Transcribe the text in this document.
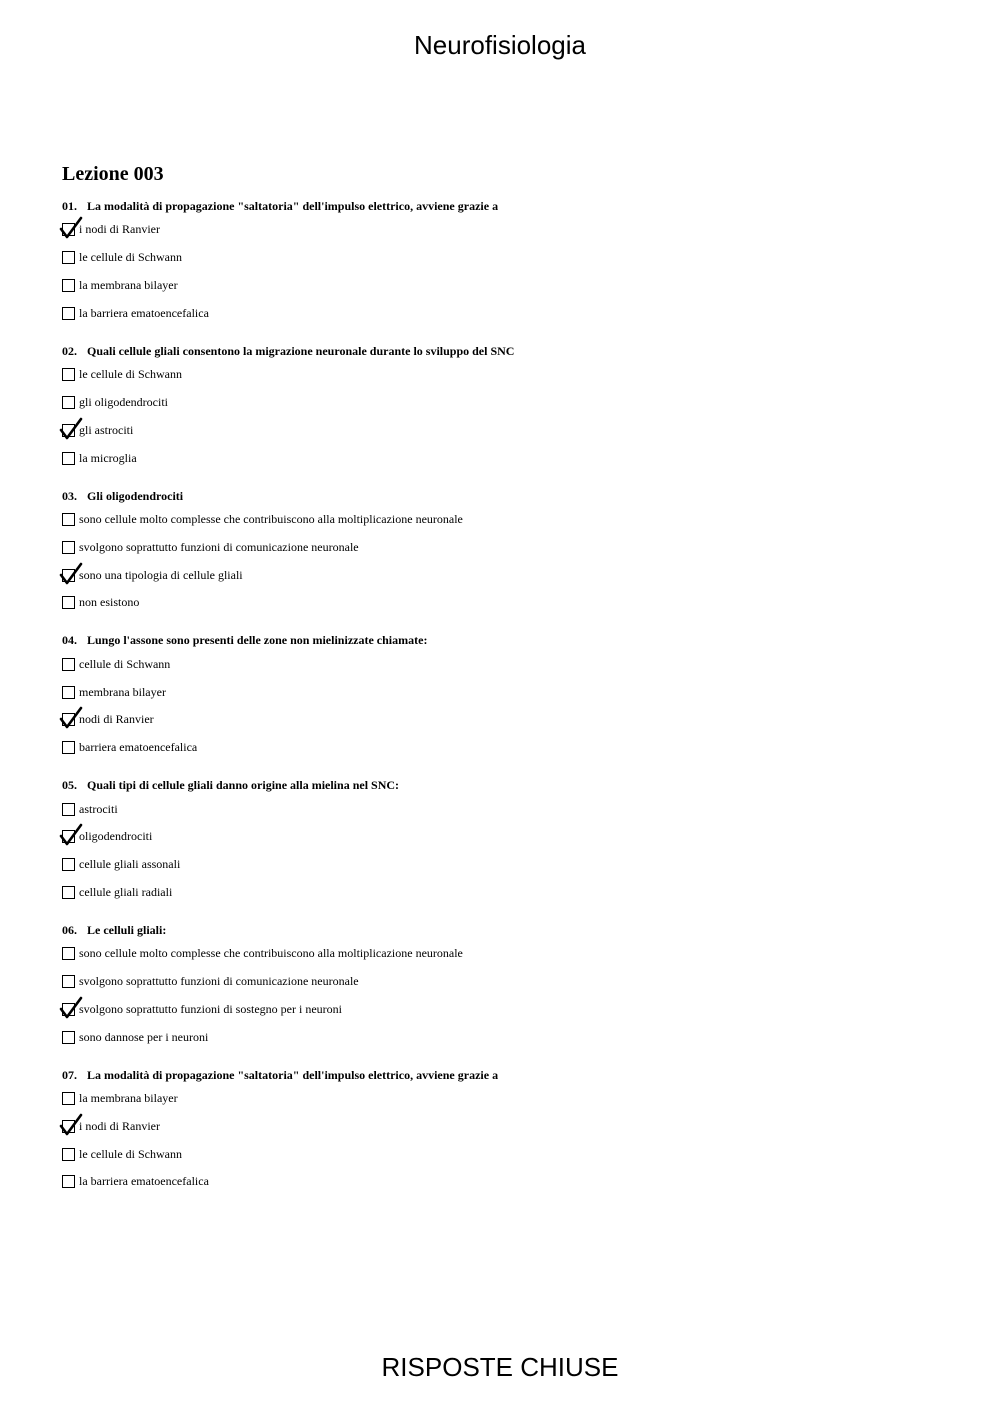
Neurofisiologia
Lezione 003
01. La modalità di propagazione "saltatoria" dell'impulso elettrico, avviene grazie a
i nodi di Ranvier
le cellule di Schwann
la membrana bilayer
la barriera ematoencefalica
02. Quali cellule gliali consentono la migrazione neuronale durante lo sviluppo del SNC
le cellule di Schwann
gli oligodendrociti
gli astrociti
la microglia
03. Gli oligodendrociti
sono cellule molto complesse che contribuiscono alla moltiplicazione neuronale
svolgono soprattutto funzioni di comunicazione neuronale
sono una tipologia di cellule gliali
non esistono
04. Lungo l'assone sono presenti delle zone non mielinizzate chiamate:
cellule di Schwann
membrana bilayer
nodi di Ranvier
barriera ematoencefalica
05. Quali tipi di cellule gliali danno origine alla mielina nel SNC:
astrociti
oligodendrociti
cellule gliali assonali
cellule gliali radiali
06. Le celluli gliali:
sono cellule molto complesse che contribuiscono alla moltiplicazione neuronale
svolgono soprattutto funzioni di comunicazione neuronale
svolgono soprattutto funzioni di sostegno per i neuroni
sono dannose per i neuroni
07. La modalità di propagazione "saltatoria" dell'impulso elettrico, avviene grazie a
la membrana bilayer
i nodi di Ranvier
le cellule di Schwann
la barriera ematoencefalica
RISPOSTE CHIUSE
